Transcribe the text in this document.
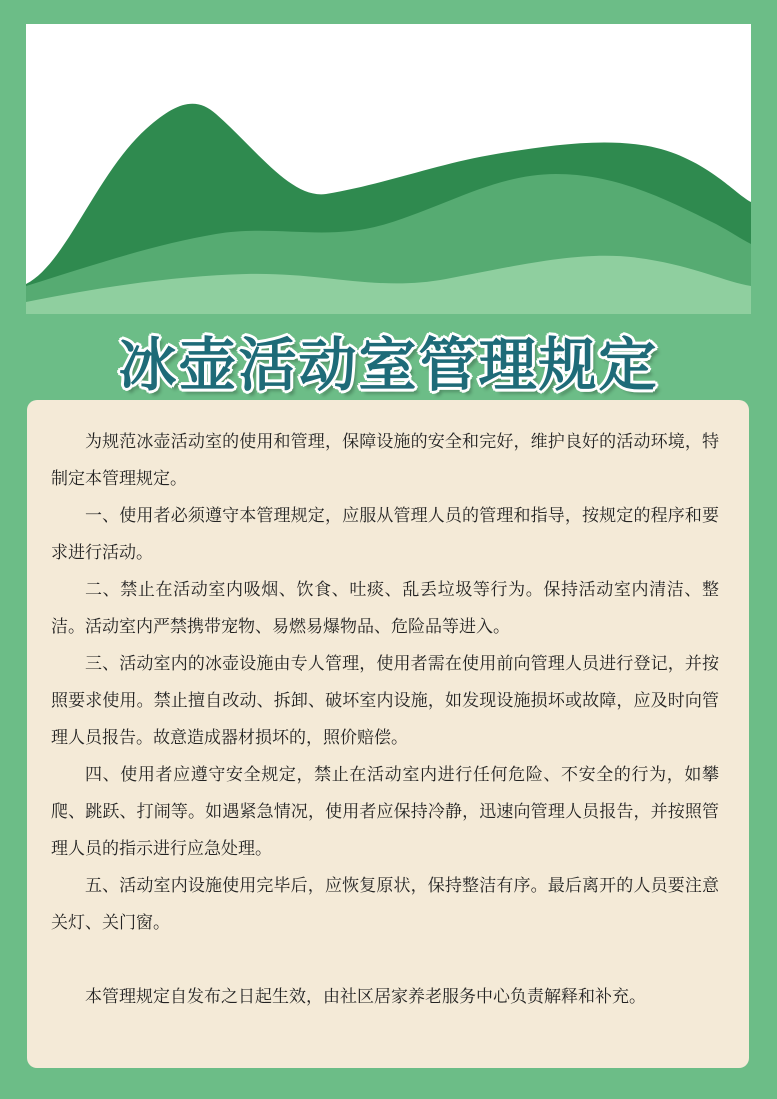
冰壶活动室管理规定

为规范冰壶活动室的使用和管理，保障设施的安全和完好，维护良好的活动环境，特制定本管理规定。

一、使用者必须遵守本管理规定，应服从管理人员的管理和指导，按规定的程序和要求进行活动。

二、禁止在活动室内吸烟、饮食、吐痰、乱丢垃圾等行为。保持活动室内清洁、整洁。活动室内严禁携带宠物、易燃易爆物品、危险品等进入。

三、活动室内的冰壶设施由专人管理，使用者需在使用前向管理人员进行登记，并按照要求使用。禁止擅自改动、拆卸、破坏室内设施，如发现设施损坏或故障，应及时向管理人员报告。故意造成器材损坏的，照价赔偿。

四、使用者应遵守安全规定，禁止在活动室内进行任何危险、不安全的行为，如攀爬、跳跃、打闹等。如遇紧急情况，使用者应保持冷静，迅速向管理人员报告，并按照管理人员的指示进行应急处理。

五、活动室内设施使用完毕后，应恢复原状，保持整洁有序。最后离开的人员要注意关灯、关门窗。

本管理规定自发布之日起生效，由社区居家养老服务中心负责解释和补充。
